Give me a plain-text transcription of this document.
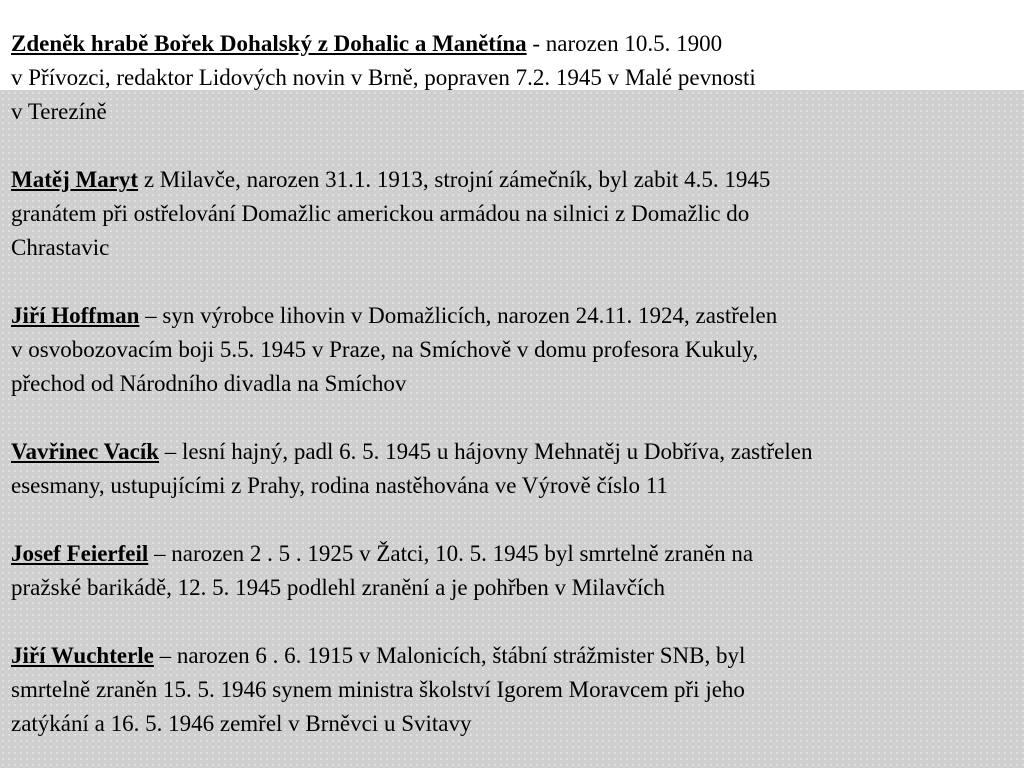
Zdeněk hrabě Bořek Dohalský z Dohalic a Manětína - narozen 10.5. 1900
v Přívozci, redaktor Lidových novin v Brně, popraven 7.2. 1945 v Malé pevnosti
v Terezíně
Matěj Maryt z Milavče, narozen 31.1. 1913, strojní zámečník, byl zabit 4.5. 1945
granátem při ostřelování Domažlic americkou armádou na silnici z Domažlic do
Chrastavic
Jiří Hoffman – syn výrobce lihovin v Domažlicích, narozen 24.11. 1924, zastřelen
v osvobozovacím boji 5.5. 1945 v Praze, na Smíchově v domu profesora Kukuly,
přechod od Národního divadla na Smíchov
Vavřinec Vacík – lesní hajný, padl 6. 5. 1945 u hájovny Mehnatěj u Dobříva, zastřelen
esesmany, ustupujícími z Prahy, rodina nastěhována ve Výrově číslo 11
Josef Feierfeil – narozen 2 . 5 . 1925 v Žatci, 10. 5. 1945 byl smrtelně zraněn na
pražské barikádě, 12. 5. 1945 podlehl zranění a je pohřben v Milavčích
Jiří Wuchterle – narozen 6 . 6. 1915 v Malonicích, štábní strážmister SNB, byl
smrtelně zraněn 15. 5. 1946 synem ministra školství Igorem Moravcem při jeho
zatýkání a 16. 5. 1946 zemřel v Brněvci u Svitavy
